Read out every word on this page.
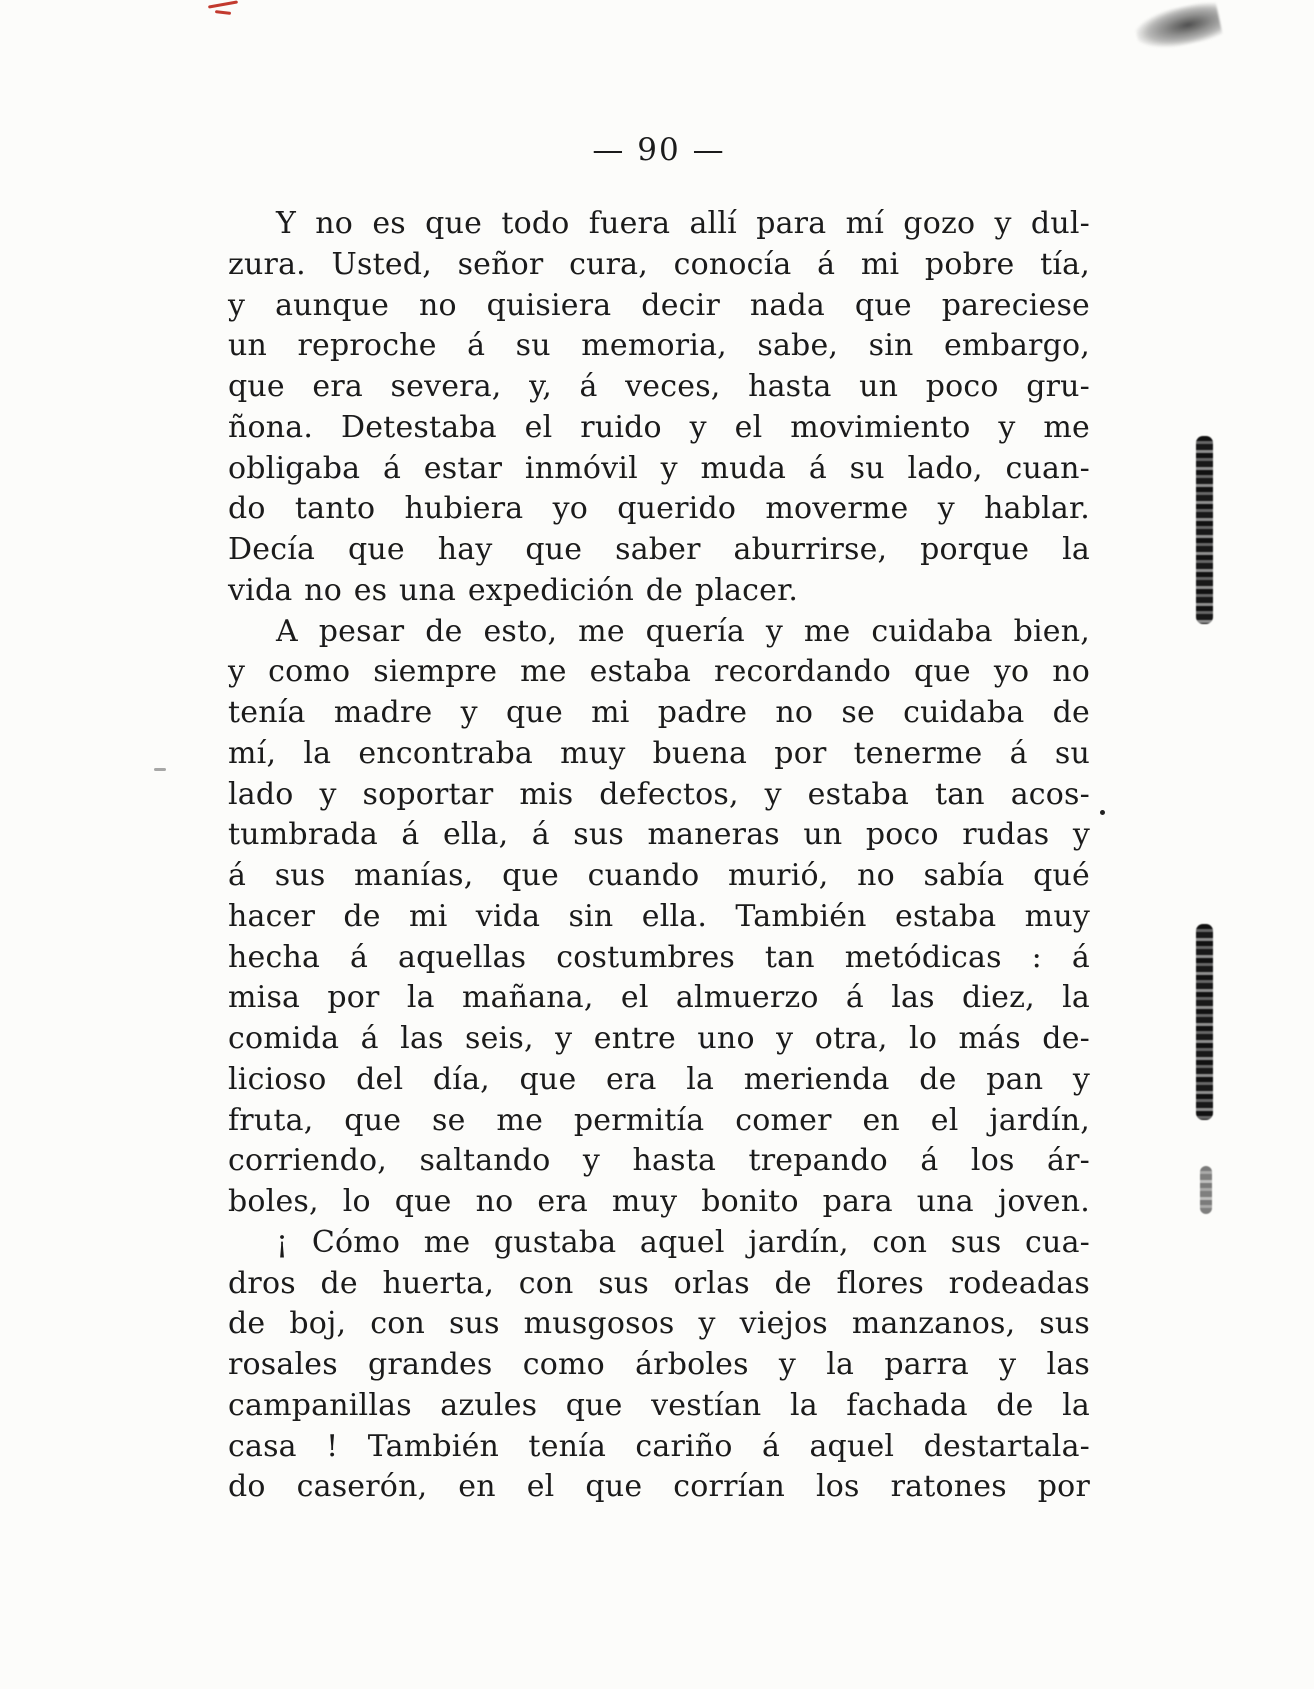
— 90 —
Y no es que todo fuera allí para mí gozo y dul-
zura. Usted, señor cura, conocía á mi pobre tía,
y aunque no quisiera decir nada que pareciese
un reproche á su memoria, sabe, sin embargo,
que era severa, y, á veces, hasta un poco gru-
ñona. Detestaba el ruido y el movimiento y me
obligaba á estar inmóvil y muda á su lado, cuan-
do tanto hubiera yo querido moverme y hablar.
Decía que hay que saber aburrirse, porque la
vida no es una expedición de placer.
A pesar de esto, me quería y me cuidaba bien,
y como siempre me estaba recordando que yo no
tenía madre y que mi padre no se cuidaba de
mí, la encontraba muy buena por tenerme á su
lado y soportar mis defectos, y estaba tan acos-
tumbrada á ella, á sus maneras un poco rudas y
á sus manías, que cuando murió, no sabía qué
hacer de mi vida sin ella. También estaba muy
hecha á aquellas costumbres tan metódicas : á
misa por la mañana, el almuerzo á las diez, la
comida á las seis, y entre uno y otra, lo más de-
licioso del día, que era la merienda de pan y
fruta, que se me permitía comer en el jardín,
corriendo, saltando y hasta trepando á los ár-
boles, lo que no era muy bonito para una joven.
¡ Cómo me gustaba aquel jardín, con sus cua-
dros de huerta, con sus orlas de flores rodeadas
de boj, con sus musgosos y viejos manzanos, sus
rosales grandes como árboles y la parra y las
campanillas azules que vestían la fachada de la
casa ! También tenía cariño á aquel destartala-
do caserón, en el que corrían los ratones por
